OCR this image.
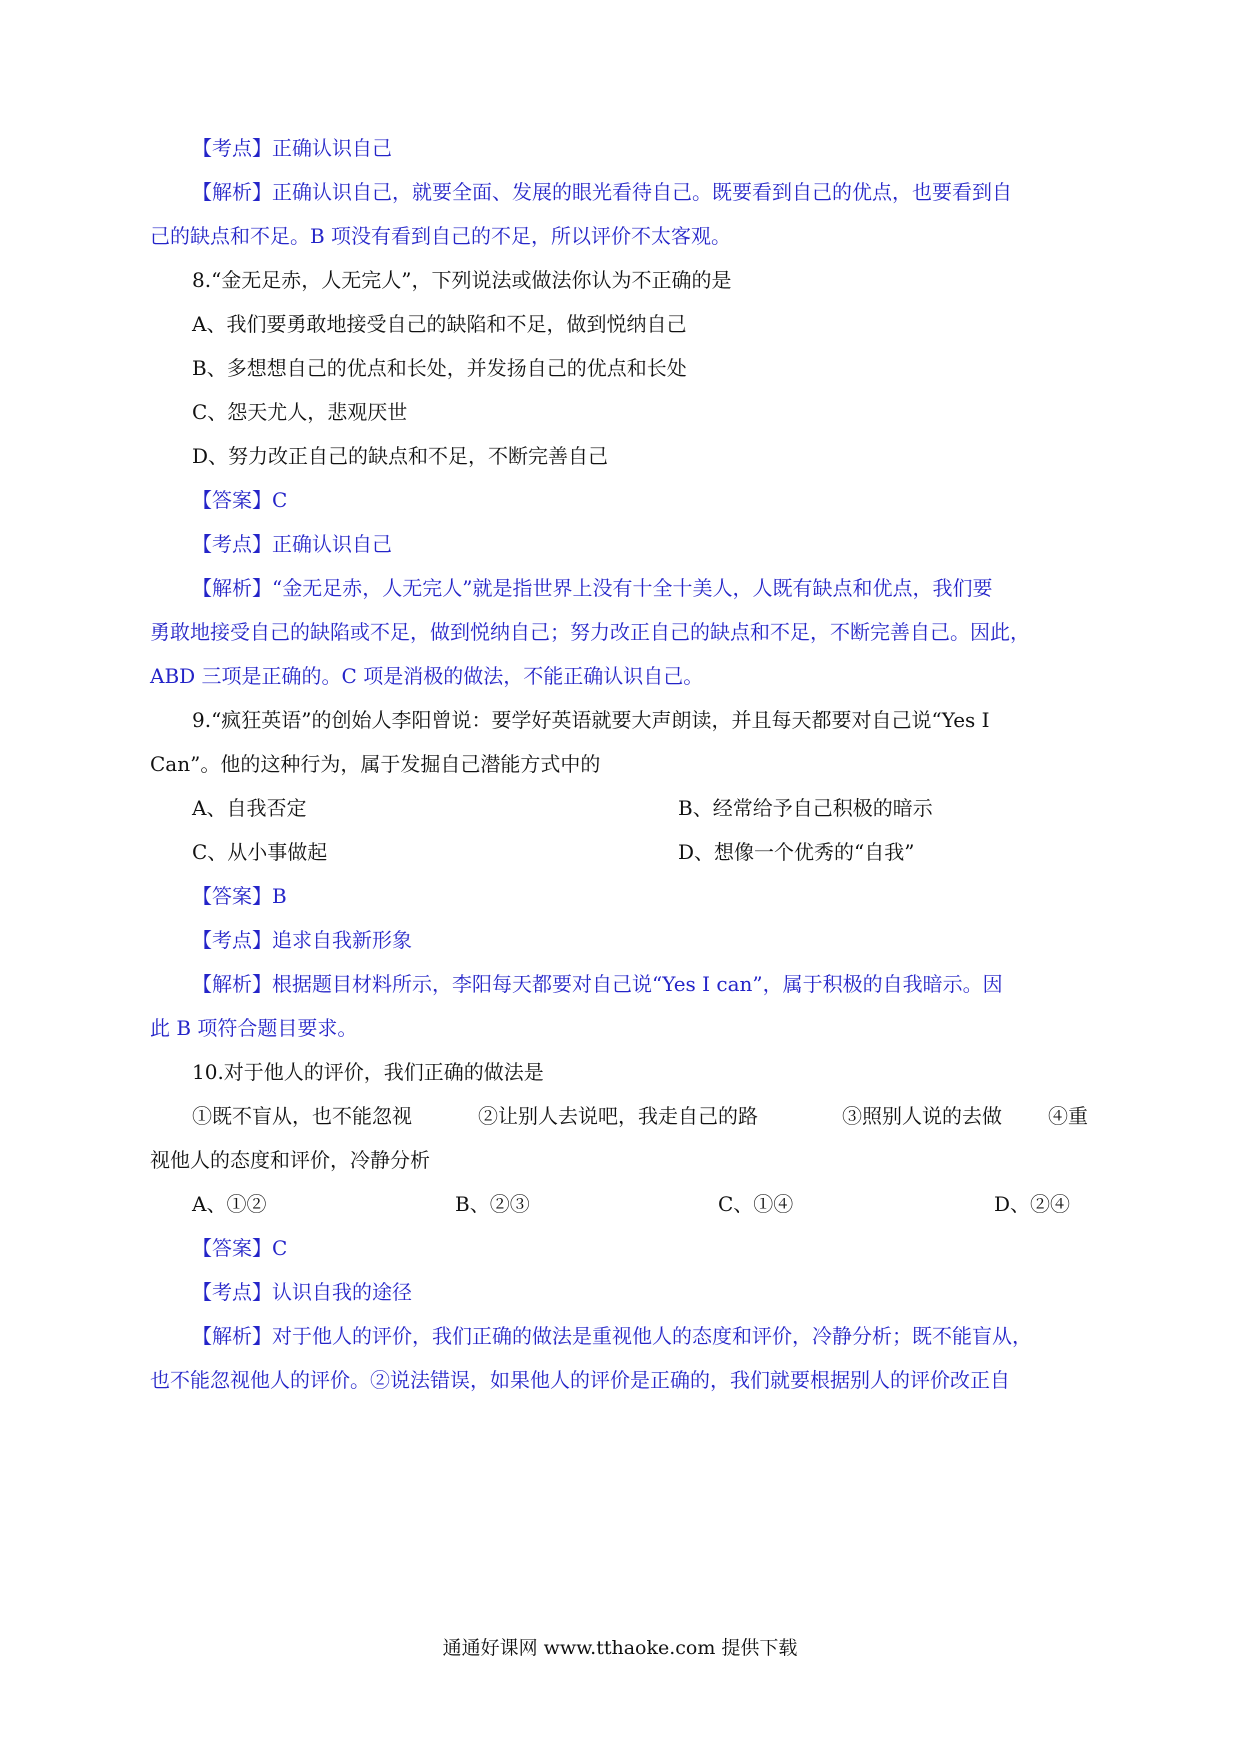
【考点】正确认识自己
【解析】正确认识自己，就要全面、发展的眼光看待自己。既要看到自己的优点，也要看到自
己的缺点和不足。B 项没有看到自己的不足，所以评价不太客观。
8.“金无足赤，人无完人”，下列说法或做法你认为不正确的是
A、我们要勇敢地接受自己的缺陷和不足，做到悦纳自己
B、多想想自己的优点和长处，并发扬自己的优点和长处
C、怨天尤人，悲观厌世
D、努力改正自己的缺点和不足，不断完善自己
【答案】C
【考点】正确认识自己
【解析】“金无足赤，人无完人”就是指世界上没有十全十美人，人既有缺点和优点，我们要
勇敢地接受自己的缺陷或不足，做到悦纳自己；努力改正自己的缺点和不足，不断完善自己。因此，
ABD 三项是正确的。C 项是消极的做法，不能正确认识自己。
9.“疯狂英语”的创始人李阳曾说：要学好英语就要大声朗读，并且每天都要对自己说“Yes I
Can”。他的这种行为，属于发掘自己潜能方式中的
A、自我否定	B、经常给予自己积极的暗示
C、从小事做起	D、想像一个优秀的“自我”
【答案】B
【考点】追求自我新形象
【解析】根据题目材料所示，李阳每天都要对自己说“Yes I can”，属于积极的自我暗示。因
此 B 项符合题目要求。
10.对于他人的评价，我们正确的做法是
①既不盲从，也不能忽视	②让别人去说吧，我走自己的路	③照别人说的去做 ④重
视他人的态度和评价，冷静分析
A、①②	B、②③	C、①④	D、②④
【答案】C
【考点】认识自我的途径
【解析】对于他人的评价，我们正确的做法是重视他人的态度和评价，冷静分析；既不能盲从，
也不能忽视他人的评价。②说法错误，如果他人的评价是正确的，我们就要根据别人的评价改正自
通通好课网 www.tthaoke.com 提供下载
